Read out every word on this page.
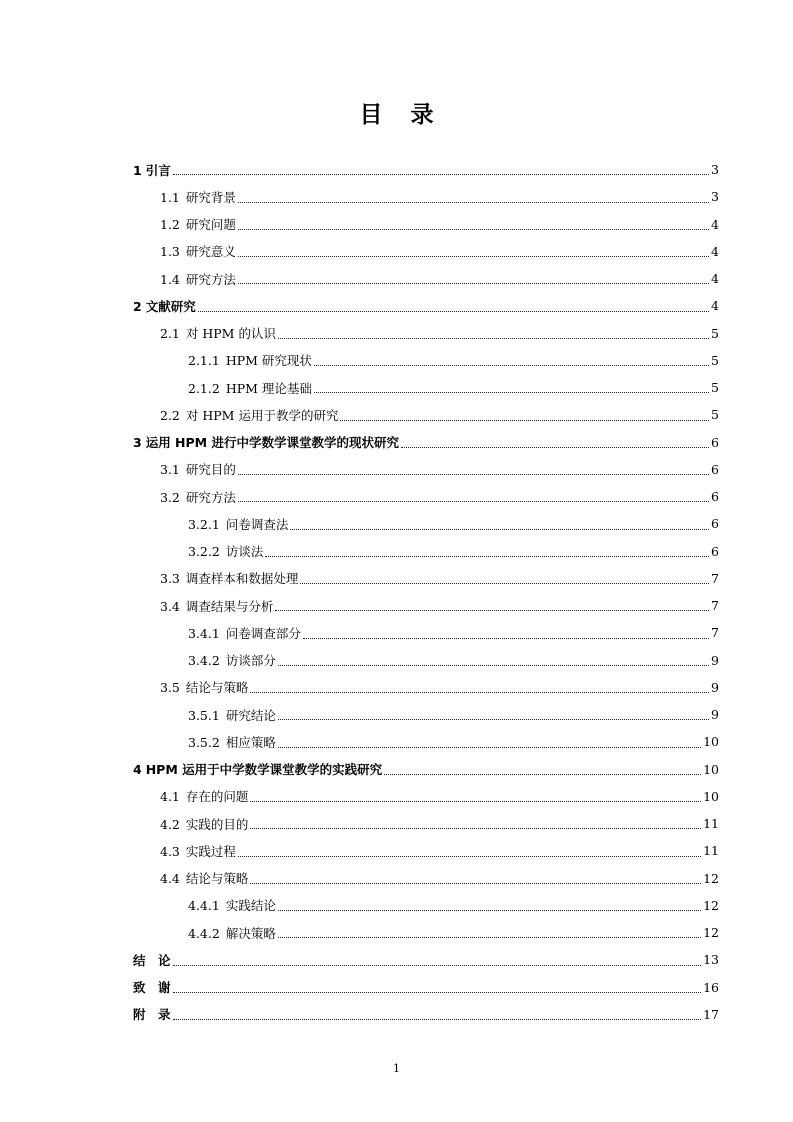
目 录
1 引言	3
1.1 研究背景	3
1.2 研究问题	4
1.3 研究意义	4
1.4 研究方法	4
2 文献研究	4
2.1 对 HPM 的认识	5
2.1.1 HPM 研究现状	5
2.1.2 HPM 理论基础	5
2.2 对 HPM 运用于教学的研究	5
3 运用 HPM 进行中学数学课堂教学的现状研究	6
3.1 研究目的	6
3.2 研究方法	6
3.2.1 问卷调查法	6
3.2.2 访谈法	6
3.3 调查样本和数据处理	7
3.4 调查结果与分析	7
3.4.1 问卷调查部分	7
3.4.2 访谈部分	9
3.5 结论与策略	9
3.5.1 研究结论	9
3.5.2 相应策略	10
4 HPM 运用于中学数学课堂教学的实践研究	10
4.1 存在的问题	10
4.2 实践的目的	11
4.3 实践过程	11
4.4 结论与策略	12
4.4.1 实践结论	12
4.4.2 解决策略	12
结　论	13
致　谢	16
附　录	17
1
